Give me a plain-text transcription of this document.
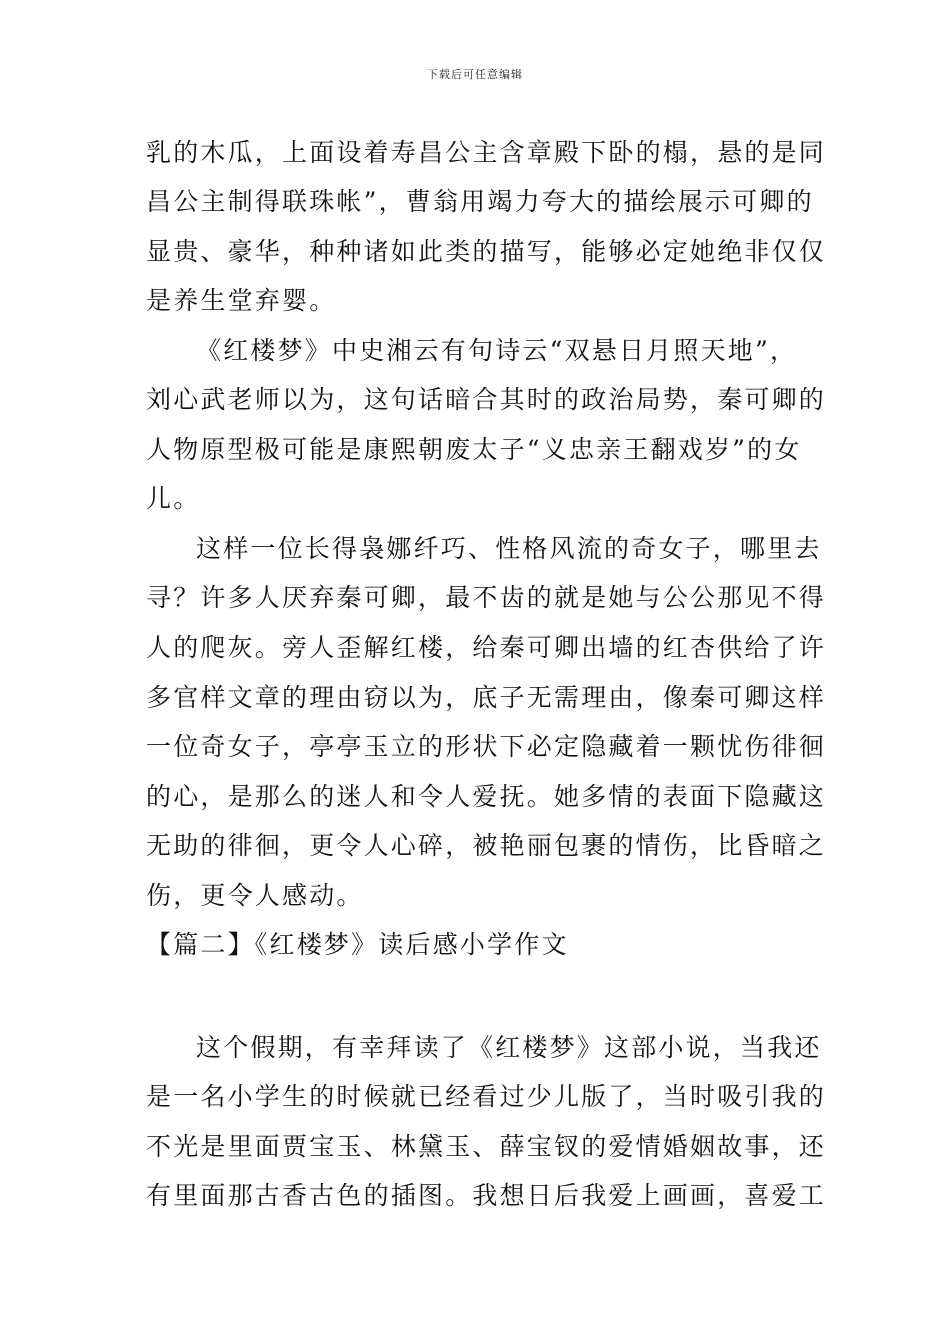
下载后可任意编辑
乳的木瓜，上面设着寿昌公主含章殿下卧的榻，悬的是同
昌公主制得联珠帐”，曹翁用竭力夸大的描绘展示可卿的
显贵、豪华，种种诸如此类的描写，能够必定她绝非仅仅
是养生堂弃婴。
《红楼梦》中史湘云有句诗云“双悬日月照天地”，
刘心武老师以为，这句话暗合其时的政治局势，秦可卿的
人物原型极可能是康熙朝废太子“义忠亲王翻戏岁”的女
儿。
这样一位长得袅娜纤巧、性格风流的奇女子，哪里去
寻？许多人厌弃秦可卿，最不齿的就是她与公公那见不得
人的爬灰。旁人歪解红楼，给秦可卿出墙的红杏供给了许
多官样文章的理由窃以为，底子无需理由，像秦可卿这样
一位奇女子，亭亭玉立的形状下必定隐藏着一颗忧伤徘徊
的心，是那么的迷人和令人爱抚。她多情的表面下隐藏这
无助的徘徊，更令人心碎，被艳丽包裹的情伤，比昏暗之
伤，更令人感动。
【篇二】《红楼梦》读后感小学作文
这个假期，有幸拜读了《红楼梦》这部小说，当我还
是一名小学生的时候就已经看过少儿版了，当时吸引我的
不光是里面贾宝玉、林黛玉、薛宝钗的爱情婚姻故事，还
有里面那古香古色的插图。我想日后我爱上画画，喜爱工
